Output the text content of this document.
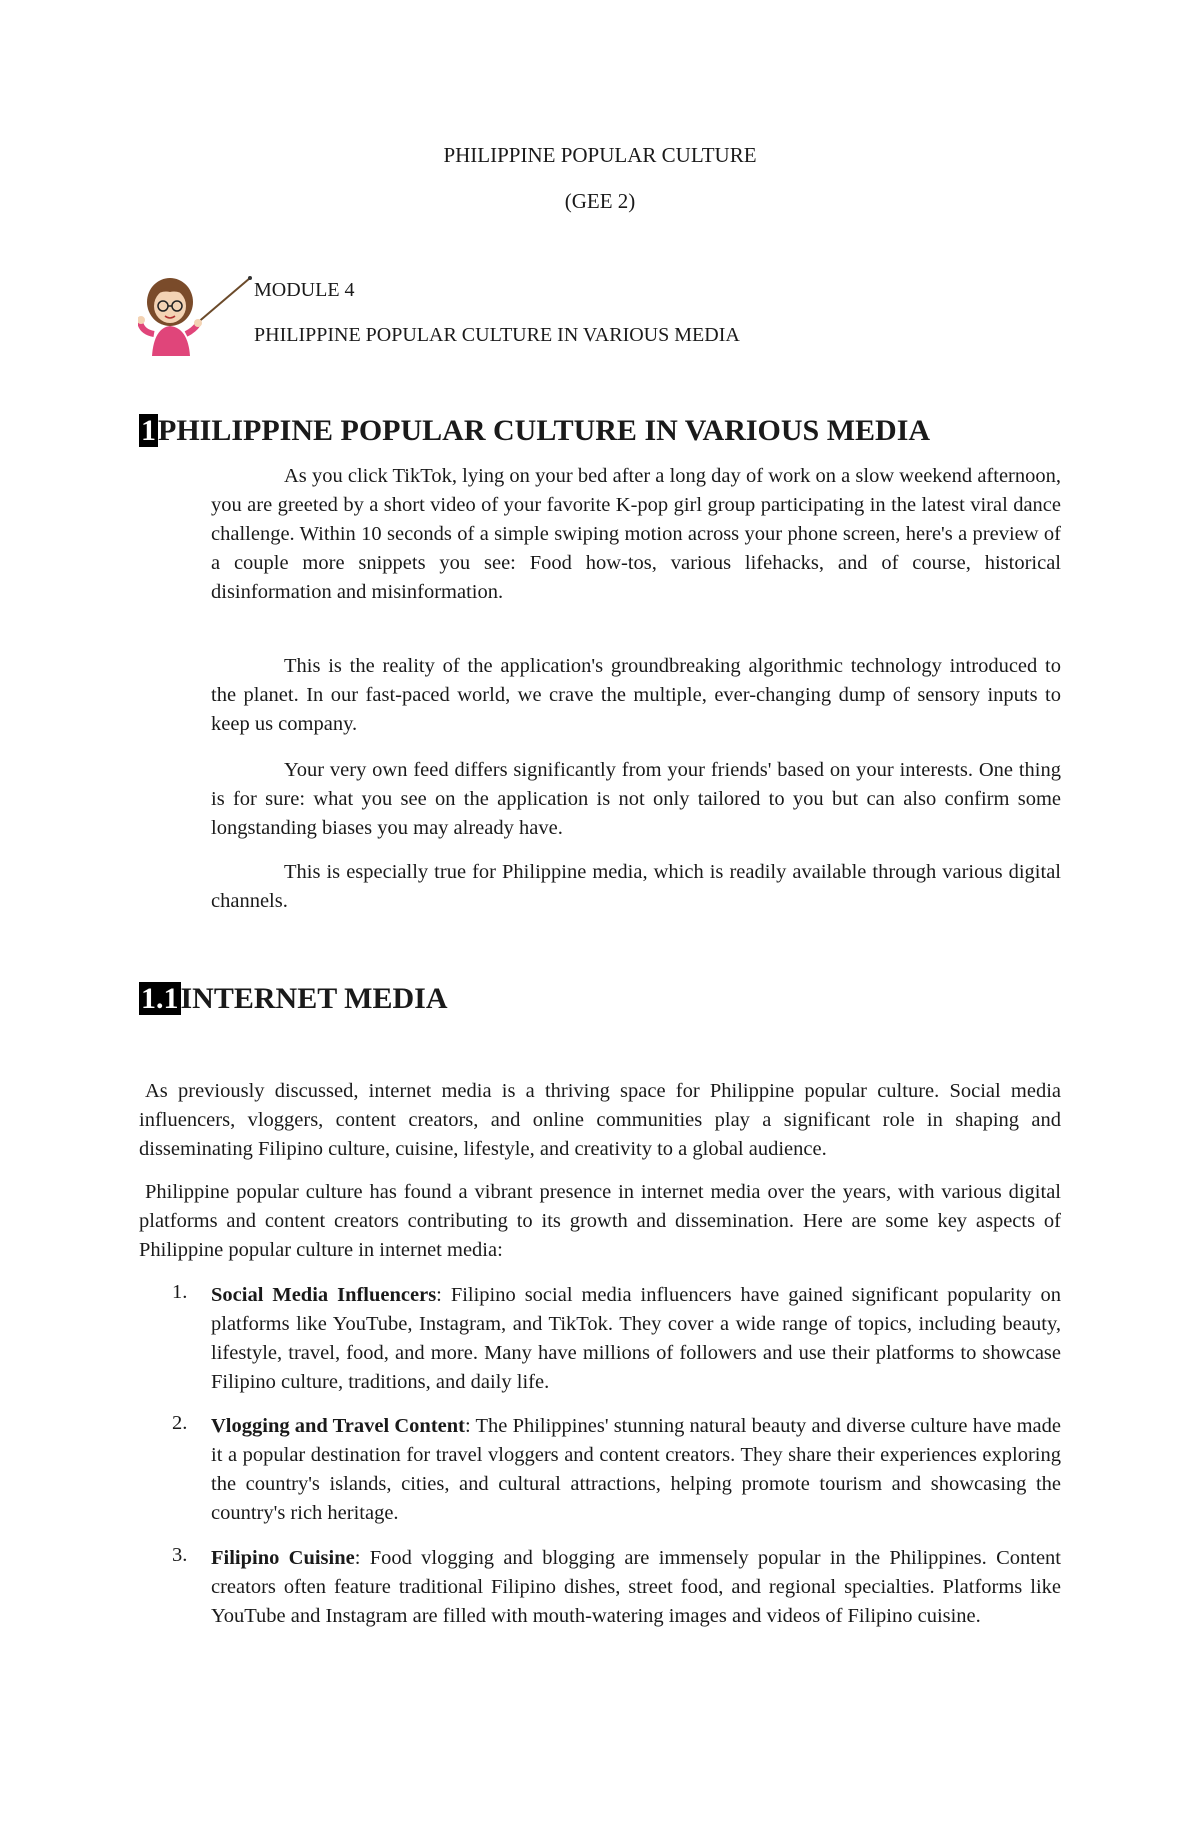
PHILIPPINE POPULAR CULTURE
(GEE 2)
MODULE 4
PHILIPPINE POPULAR CULTURE IN VARIOUS MEDIA
1PHILIPPINE POPULAR CULTURE IN VARIOUS MEDIA

As you click TikTok, lying on your bed after a long day of work on a slow weekend afternoon, you are greeted by a short video of your favorite K-pop girl group participating in the latest viral dance challenge. Within 10 seconds of a simple swiping motion across your phone screen, here's a preview of a couple more snippets you see: Food how-tos, various lifehacks, and of course, historical disinformation and misinformation.

This is the reality of the application's groundbreaking algorithmic technology introduced to the planet. In our fast-paced world, we crave the multiple, ever-changing dump of sensory inputs to keep us company.

Your very own feed differs significantly from your friends' based on your interests. One thing is for sure: what you see on the application is not only tailored to you but can also confirm some longstanding biases you may already have.

This is especially true for Philippine media, which is readily available through various digital channels.

1.1INTERNET MEDIA

As previously discussed, internet media is a thriving space for Philippine popular culture. Social media influencers, vloggers, content creators, and online communities play a significant role in shaping and disseminating Filipino culture, cuisine, lifestyle, and creativity to a global audience.

Philippine popular culture has found a vibrant presence in internet media over the years, with various digital platforms and content creators contributing to its growth and dissemination. Here are some key aspects of Philippine popular culture in internet media:

1. Social Media Influencers: Filipino social media influencers have gained significant popularity on platforms like YouTube, Instagram, and TikTok. They cover a wide range of topics, including beauty, lifestyle, travel, food, and more. Many have millions of followers and use their platforms to showcase Filipino culture, traditions, and daily life.

2. Vlogging and Travel Content: The Philippines' stunning natural beauty and diverse culture have made it a popular destination for travel vloggers and content creators. They share their experiences exploring the country's islands, cities, and cultural attractions, helping promote tourism and showcasing the country's rich heritage.

3. Filipino Cuisine: Food vlogging and blogging are immensely popular in the Philippines. Content creators often feature traditional Filipino dishes, street food, and regional specialties. Platforms like YouTube and Instagram are filled with mouth-watering images and videos of Filipino cuisine.
